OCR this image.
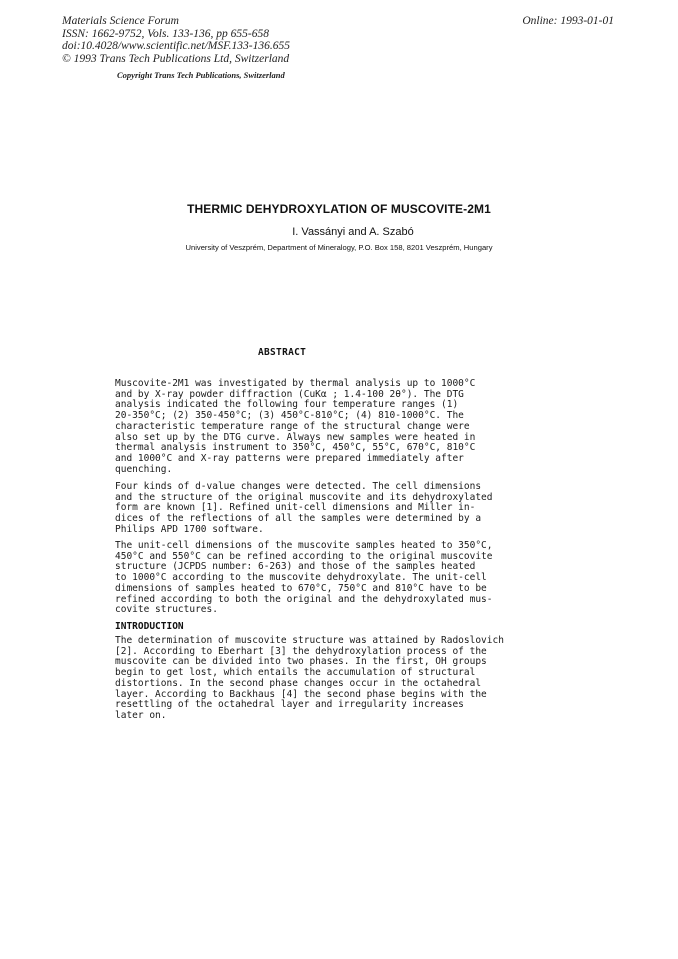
Materials Science Forum
ISSN: 1662-9752, Vols. 133-136, pp 655-658
doi:10.4028/www.scientific.net/MSF.133-136.655
© 1993 Trans Tech Publications Ltd, Switzerland
Online: 1993-01-01
Copyright Trans Tech Publications, Switzerland
THERMIC DEHYDROXYLATION OF MUSCOVITE-2M1
I. Vassányi and A. Szabó
University of Veszprém, Department of Mineralogy, P.O. Box 158, 8201 Veszprém, Hungary
ABSTRACT

Muscovite-2M1 was investigated by thermal analysis up to 1000°C

and by X-ray powder diffraction (CuKα ; 1.4-100 2θ°). The DTG

analysis indicated the following four temperature ranges (1)

20-350°C; (2) 350-450°C; (3) 450°C-810°C; (4) 810-1000°C. The

characteristic temperature range of the structural change were

also set up by the DTG curve. Always new samples were heated in

thermal analysis instrument to 350°C, 450°C, 55°C, 670°C, 810°C

and 1000°C and X-ray patterns were prepared immediately after

quenching.

Four kinds of d-value changes were detected. The cell dimensions

and the structure of the original muscovite and its dehydroxylated

form are known [1]. Refined unit-cell dimensions and Miller in-

dices of the reflections of all the samples were determined by a

Philips APD 1700 software.

The unit-cell dimensions of the muscovite samples heated to 350°C,

450°C and 550°C can be refined according to the original muscovite

structure (JCPDS number: 6-263) and those of the samples heated

to 1000°C according to the muscovite dehydroxylate. The unit-cell

dimensions of samples heated to 670°C, 750°C and 810°C have to be

refined according to both the original and the dehydroxylated mus-

covite structures.

INTRODUCTION

The determination of muscovite structure was attained by Radoslovich

[2]. According to Eberhart [3] the dehydroxylation process of the

muscovite can be divided into two phases. In the first, OH groups

begin to get lost, which entails the accumulation of structural

distortions. In the second phase changes occur in the octahedral

layer. According to Backhaus [4] the second phase begins with the

resettling of the octahedral layer and irregularity increases

later on.
